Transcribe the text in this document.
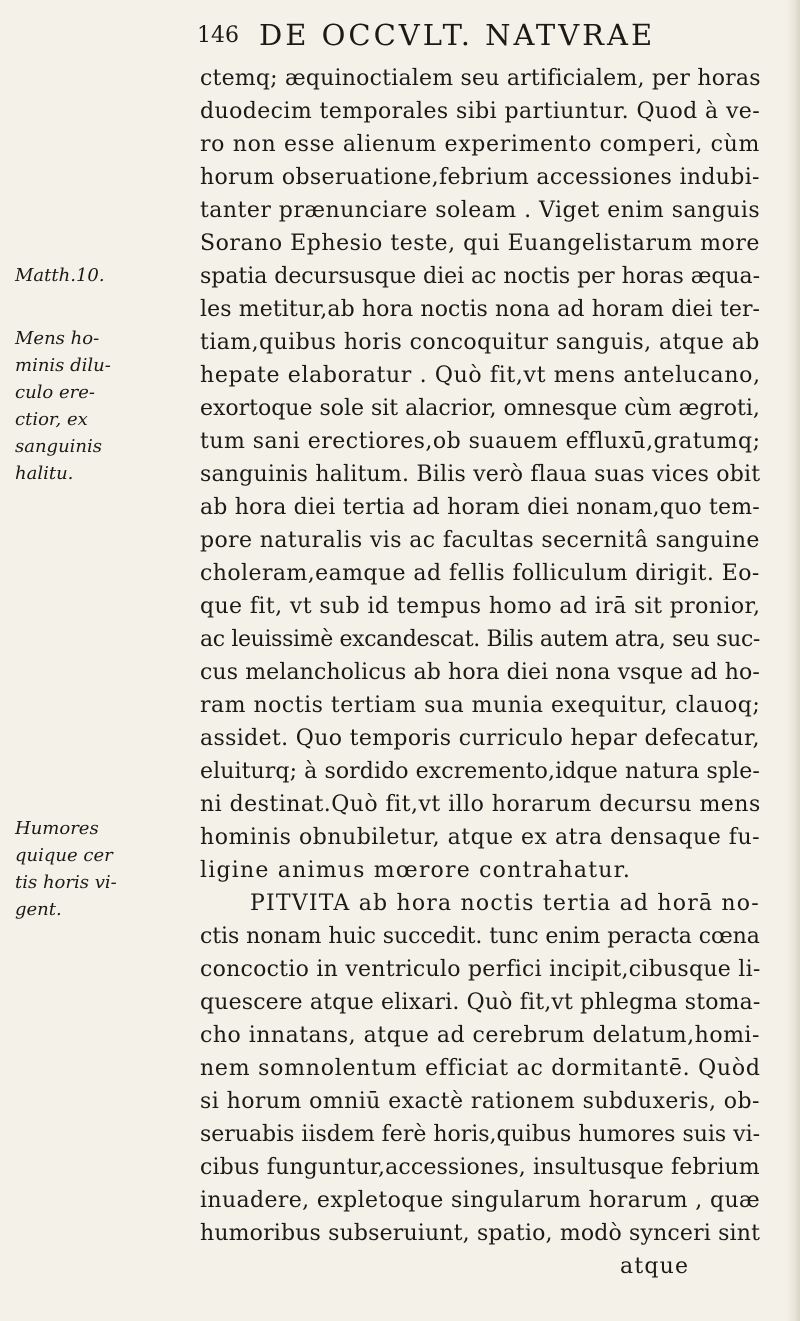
146 DE OCCVLT. NATVRAE
Matth.10.
Mens ho-
minis dilu-
culo ere-
ctior, ex
sanguinis
halitu.
Humores
quique cer
tis horis vi-
gent.
ctemq; æquinoctialem seu artificialem, per horas
duodecim temporales sibi partiuntur. Quod à ve-
ro non esse alienum experimento comperi, cùm
horum obseruatione,febrium accessiones indubi-
tanter prænunciare soleam . Viget enim sanguis
Sorano Ephesio teste, qui Euangelistarum more
spatia decursusque diei ac noctis per horas æqua-
les metitur,ab hora noctis nona ad horam diei ter-
tiam,quibus horis concoquitur sanguis, atque ab
hepate elaboratur . Quò fit,vt mens antelucano,
exortoque sole sit alacrior, omnesque cùm ægroti,
tum sani erectiores,ob suauem effluxū,gratumq;
sanguinis halitum. Bilis verò flaua suas vices obit
ab hora diei tertia ad horam diei nonam,quo tem-
pore naturalis vis ac facultas secernitâ sanguine
choleram,eamque ad fellis folliculum dirigit. Eo-
que fit, vt sub id tempus homo ad irā sit pronior,
ac leuissimè excandescat. Bilis autem atra, seu suc-
cus melancholicus ab hora diei nona vsque ad ho-
ram noctis tertiam sua munia exequitur, clauoq;
assidet. Quo temporis curriculo hepar defecatur,
eluiturq; à sordido excremento,idque natura sple-
ni destinat.Quò fit,vt illo horarum decursu mens
hominis obnubiletur, atque ex atra densaque fu-
ligine animus mœrore contrahatur.
PITVITA ab hora noctis tertia ad horā no-
ctis nonam huic succedit. tunc enim peracta cœna
concoctio in ventriculo perfici incipit,cibusque li-
quescere atque elixari. Quò fit,vt phlegma stoma-
cho innatans, atque ad cerebrum delatum,homi-
nem somnolentum efficiat ac dormitantē. Quòd
si horum omniū exactè rationem subduxeris, ob-
seruabis iisdem ferè horis,quibus humores suis vi-
cibus funguntur,accessiones, insultusque febrium
inuadere, expletoque singularum horarum , quæ
humoribus subseruiunt, spatio, modò synceri sint
atque
